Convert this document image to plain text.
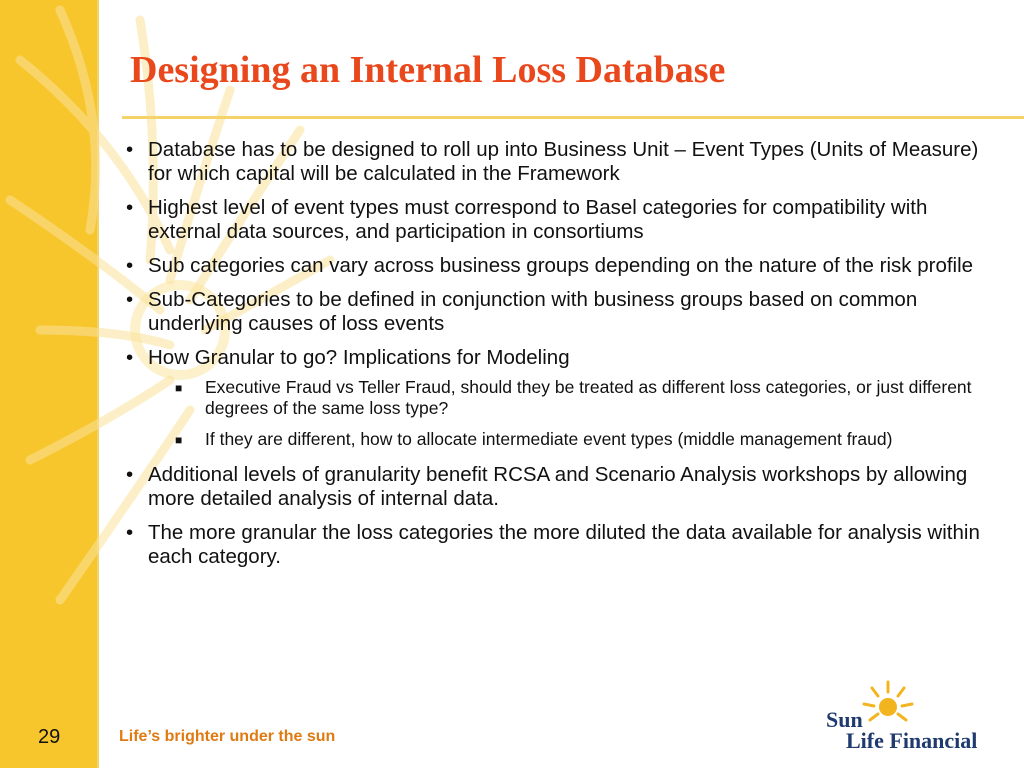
Designing an Internal Loss Database
• Database has to be designed to roll up into Business Unit – Event Types (Units of Measure) for which capital will be calculated in the Framework
• Highest level of event types must correspond to Basel categories for compatibility with external data sources, and participation in consortiums
• Sub categories can vary across business groups depending on the nature of the risk profile
• Sub-Categories to be defined in conjunction with business groups based on common underlying causes of loss events
• How Granular to go? Implications for Modeling
■ Executive Fraud vs Teller Fraud, should they be treated as different loss categories, or just different degrees of the same loss type?
■ If they are different, how to allocate intermediate event types (middle management fraud)
• Additional levels of granularity benefit RCSA and Scenario Analysis workshops by allowing more detailed analysis of internal data.
• The more granular the loss categories the more diluted the data available for analysis within each category.
29	Life’s brighter under the sun
Sun
Life Financial
